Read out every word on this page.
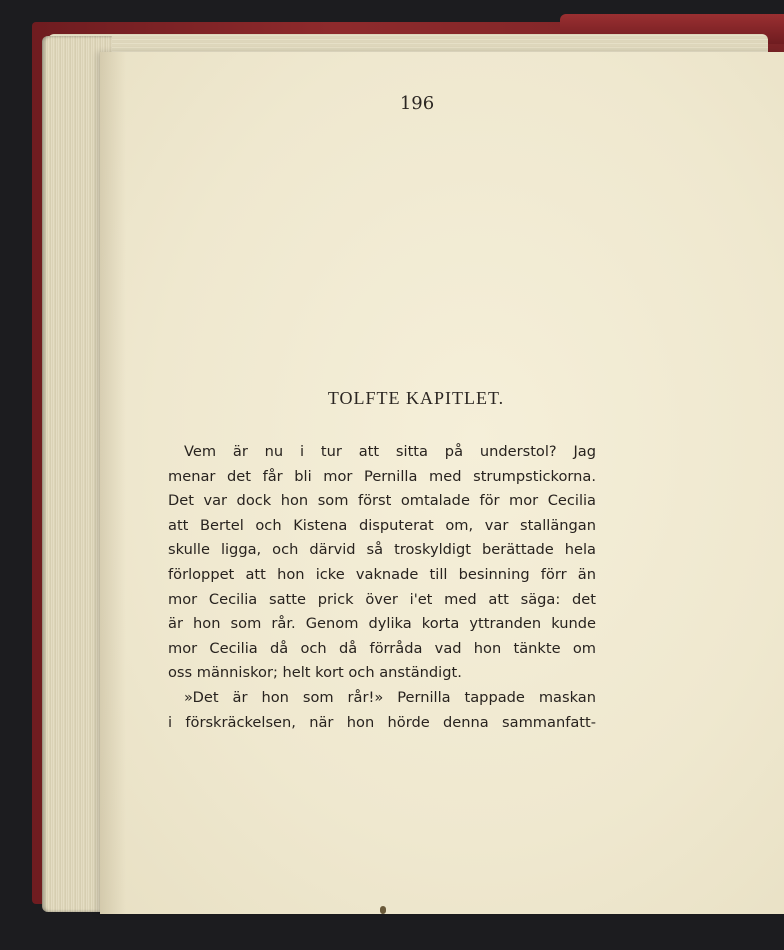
196
TOLFTE KAPITLET.
Vem är nu i tur att sitta på understol? Jag
menar det får bli mor Pernilla med strumpstickorna.
Det var dock hon som först omtalade för mor Cecilia
att Bertel och Kistena disputerat om, var stallängan
skulle ligga, och därvid så troskyldigt berättade hela
förloppet att hon icke vaknade till besinning förr än
mor Cecilia satte prick över i'et med att säga: det
är hon som rår. Genom dylika korta yttranden kunde
mor Cecilia då och då förråda vad hon tänkte om
oss människor; helt kort och anständigt.
»Det är hon som rår!» Pernilla tappade maskan
i förskräckelsen, när hon hörde denna sammanfatt-
